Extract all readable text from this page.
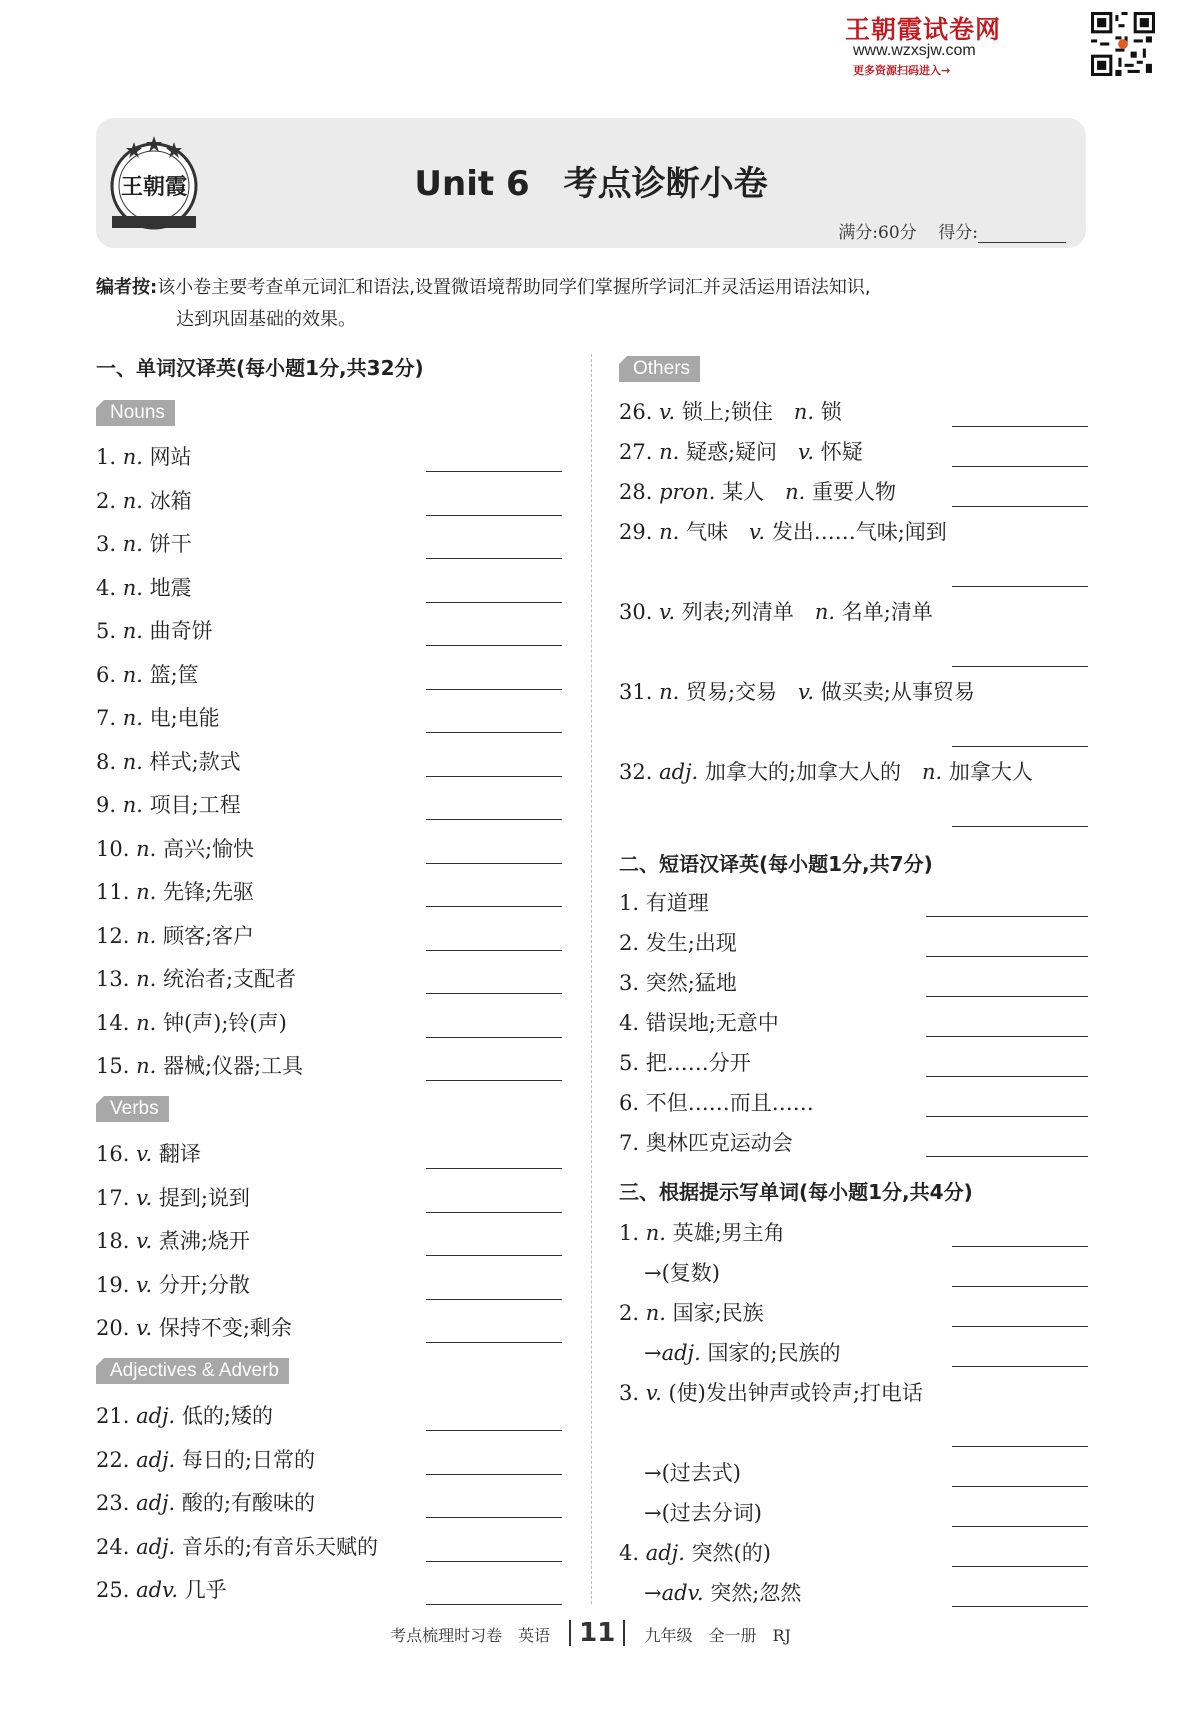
王朝霞试卷网
www.wzxsjw.com
更多资源扫码进入→
王朝霞	Unit 6　考点诊断小卷
满分:60分 得分:
编者按:该小卷主要考查单元词汇和语法,设置微语境帮助同学们掌握所学词汇并灵活运用语法知识,
达到巩固基础的效果。
一、单词汉译英(每小题1分,共32分)
Nouns
Verbs
Adjectives & Adverb
Others
1. n. 网站
2. n. 冰箱
3. n. 饼干
4. n. 地震
5. n. 曲奇饼
6. n. 篮;筐
7. n. 电;电能
8. n. 样式;款式
9. n. 项目;工程
10. n. 高兴;愉快
11. n. 先锋;先驱
12. n. 顾客;客户
13. n. 统治者;支配者
14. n. 钟(声);铃(声)
15. n. 器械;仪器;工具
16. v. 翻译
17. v. 提到;说到
18. v. 煮沸;烧开
19. v. 分开;分散
20. v. 保持不变;剩余
21. adj. 低的;矮的
22. adj. 每日的;日常的
23. adj. 酸的;有酸味的
24. adj. 音乐的;有音乐天赋的
25. adv. 几乎
26. v. 锁上;锁住  n. 锁
27. n. 疑惑;疑问  v. 怀疑
28. pron. 某人  n. 重要人物
29. n. 气味  v. 发出……气味;闻到
30. v. 列表;列清单  n. 名单;清单
31. n. 贸易;交易  v. 做买卖;从事贸易
32. adj. 加拿大的;加拿大人的  n. 加拿大人
1. 有道理
2. 发生;出现
3. 突然;猛地
4. 错误地;无意中
5. 把……分开
6. 不但……而且……
7. 奥林匹克运动会
1. n. 英雄;男主角
→(复数)
2. n. 国家;民族
→adj. 国家的;民族的
3. v. (使)发出钟声或铃声;打电话
→(过去式)
→(过去分词)
4. adj. 突然(的)
→adv. 突然;忽然
二、短语汉译英(每小题1分,共7分)
三、根据提示写单词(每小题1分,共4分)
考点梳理时习卷　英语 11 九年级　全一册　RJ
